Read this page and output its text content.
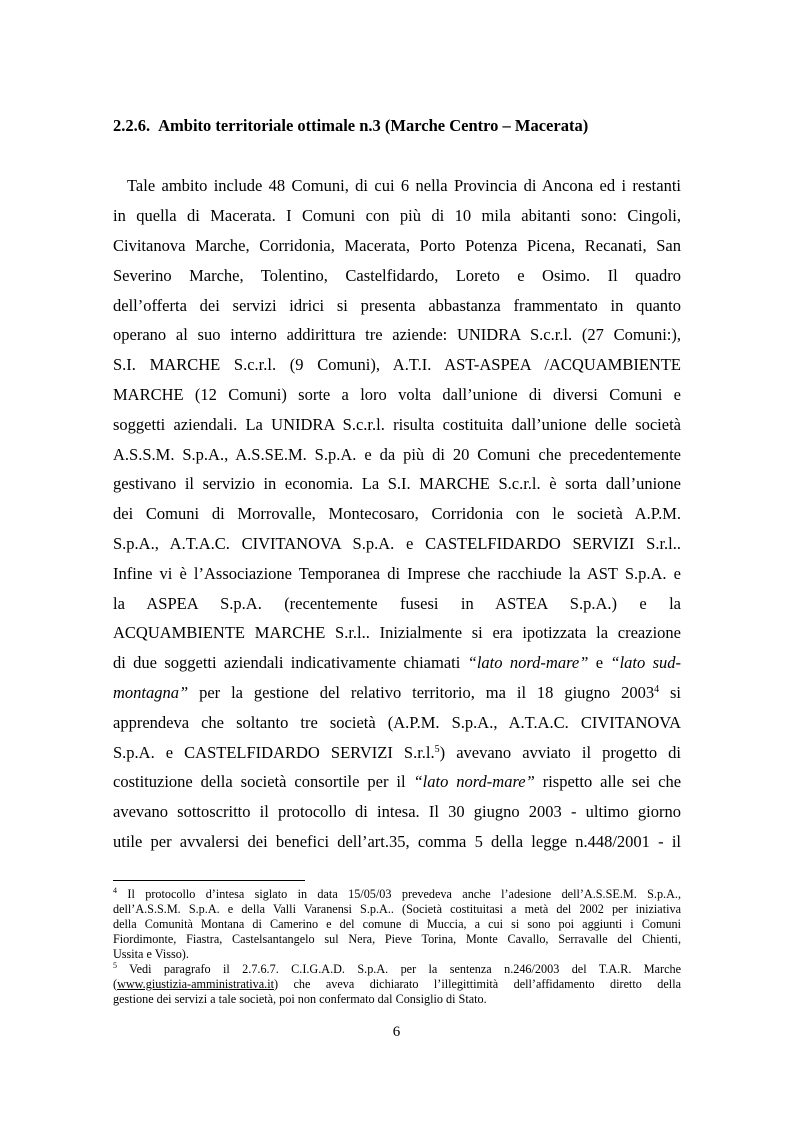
2.2.6. Ambito territoriale ottimale n.3 (Marche Centro – Macerata)
Tale ambito include 48 Comuni, di cui 6 nella Provincia di Ancona ed i restanti
in quella di Macerata. I Comuni con più di 10 mila abitanti sono: Cingoli,
Civitanova Marche, Corridonia, Macerata, Porto Potenza Picena, Recanati, San
Severino Marche, Tolentino, Castelfidardo, Loreto e Osimo. Il quadro
dell’offerta dei servizi idrici si presenta abbastanza frammentato in quanto
operano al suo interno addirittura tre aziende: UNIDRA S.c.r.l. (27 Comuni:),
S.I. MARCHE S.c.r.l. (9 Comuni), A.T.I. AST-ASPEA /ACQUAMBIENTE
MARCHE (12 Comuni) sorte a loro volta dall’unione di diversi Comuni e
soggetti aziendali. La UNIDRA S.c.r.l. risulta costituita dall’unione delle società
A.S.S.M. S.p.A., A.S.SE.M. S.p.A. e da più di 20 Comuni che precedentemente
gestivano il servizio in economia. La S.I. MARCHE S.c.r.l. è sorta dall’unione
dei Comuni di Morrovalle, Montecosaro, Corridonia con le società A.P.M.
S.p.A., A.T.A.C. CIVITANOVA S.p.A. e CASTELFIDARDO SERVIZI S.r.l..
Infine vi è l’Associazione Temporanea di Imprese che racchiude la AST S.p.A. e
la ASPEA S.p.A. (recentemente fusesi in ASTEA S.p.A.) e la
ACQUAMBIENTE MARCHE S.r.l.. Inizialmente si era ipotizzata la creazione
di due soggetti aziendali indicativamente chiamati “lato nord-mare” e “lato sud-
montagna” per la gestione del relativo territorio, ma il 18 giugno 2003$^4$ si
apprendeva che soltanto tre società (A.P.M. S.p.A., A.T.A.C. CIVITANOVA
S.p.A. e CASTELFIDARDO SERVIZI S.r.l.$^5$) avevano avviato il progetto di
costituzione della società consortile per il “lato nord-mare” rispetto alle sei che
avevano sottoscritto il protocollo di intesa. Il 30 giugno 2003 - ultimo giorno
utile per avvalersi dei benefici dell’art.35, comma 5 della legge n.448/2001 - il
$^4$ Il protocollo d’intesa siglato in data 15/05/03 prevedeva anche l’adesione dell’A.S.SE.M. S.p.A.,
dell’A.S.S.M. S.p.A. e della Valli Varanensi S.p.A.. (Società costituitasi a metà del 2002 per iniziativa
della Comunità Montana di Camerino e del comune di Muccia, a cui si sono poi aggiunti i Comuni
Fiordimonte, Fiastra, Castelsantangelo sul Nera, Pieve Torina, Monte Cavallo, Serravalle del Chienti,
Ussita e Visso).
$^5$ Vedi paragrafo il 2.7.6.7. C.I.G.A.D. S.p.A. per la sentenza n.246/2003 del T.A.R. Marche
(www.giustizia-amministrativa.it) che aveva dichiarato l’illegittimità dell’affidamento diretto della
gestione dei servizi a tale società, poi non confermato dal Consiglio di Stato.
6
